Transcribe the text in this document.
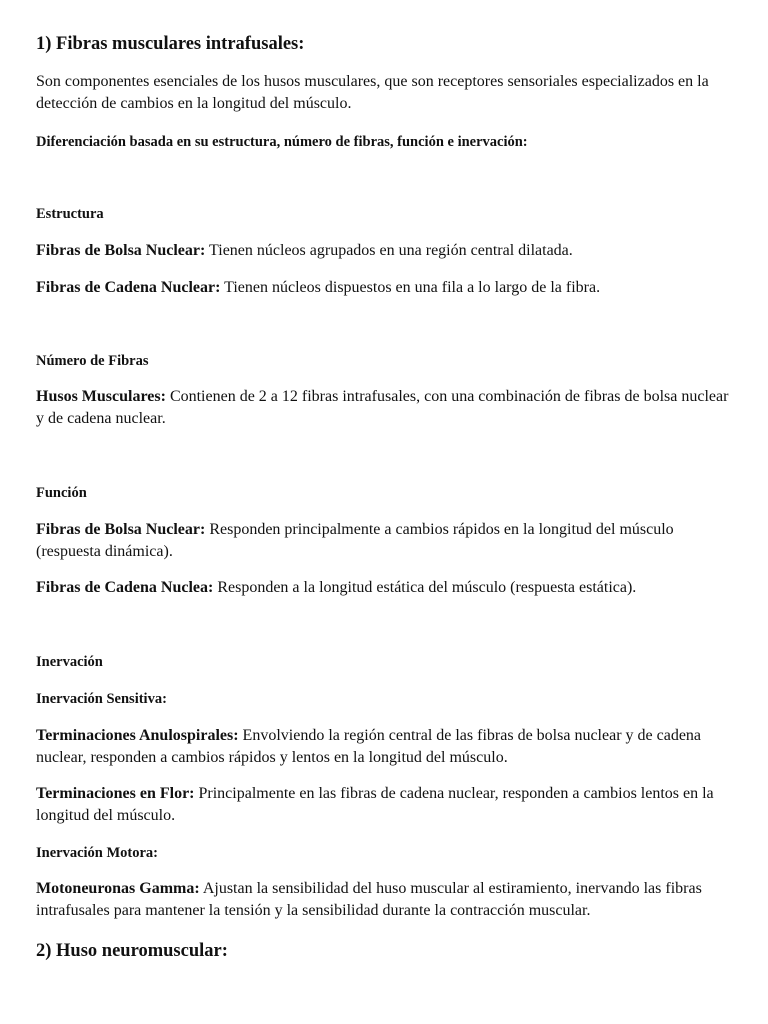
1) Fibras musculares intrafusales:

Son componentes esenciales de los husos musculares, que son receptores sensoriales especializados en la detección de cambios en la longitud del músculo.

Diferenciación basada en su estructura, número de fibras, función e inervación:

Estructura

Fibras de Bolsa Nuclear: Tienen núcleos agrupados en una región central dilatada.

Fibras de Cadena Nuclear: Tienen núcleos dispuestos en una fila a lo largo de la fibra.

Número de Fibras

Husos Musculares: Contienen de 2 a 12 fibras intrafusales, con una combinación de fibras de bolsa nuclear y de cadena nuclear.

Función

Fibras de Bolsa Nuclear: Responden principalmente a cambios rápidos en la longitud del músculo (respuesta dinámica).

Fibras de Cadena Nuclea: Responden a la longitud estática del músculo (respuesta estática).

Inervación

Inervación Sensitiva:

Terminaciones Anulospirales: Envolviendo la región central de las fibras de bolsa nuclear y de cadena nuclear, responden a cambios rápidos y lentos en la longitud del músculo.

Terminaciones en Flor: Principalmente en las fibras de cadena nuclear, responden a cambios lentos en la longitud del músculo.

Inervación Motora:

Motoneuronas Gamma: Ajustan la sensibilidad del huso muscular al estiramiento, inervando las fibras intrafusales para mantener la tensión y la sensibilidad durante la contracción muscular.

2) Huso neuromuscular:
